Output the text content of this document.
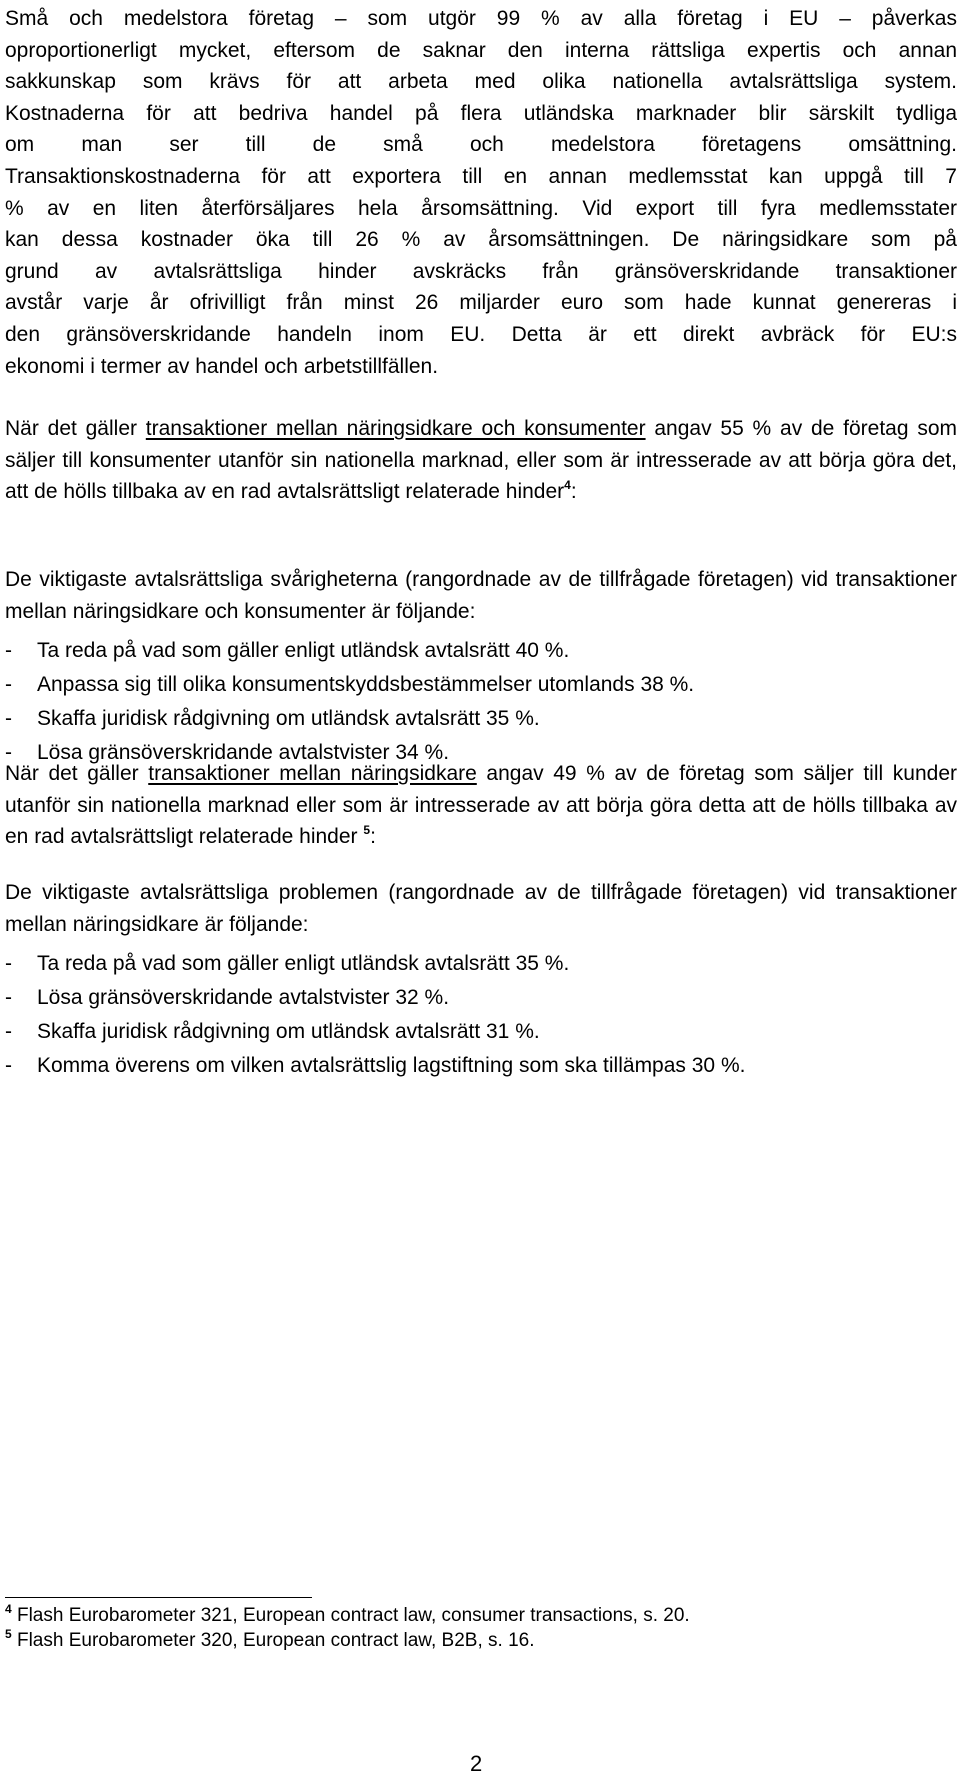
Små och medelstora företag – som utgör 99 % av alla företag i EU – påverkas
oproportionerligt mycket, eftersom de saknar den interna rättsliga expertis och annan
sakkunskap som krävs för att arbeta med olika nationella avtalsrättsliga system.
Kostnaderna för att bedriva handel på flera utländska marknader blir särskilt tydliga
om man ser till de små och medelstora företagens omsättning.
Transaktionskostnaderna för att exportera till en annan medlemsstat kan uppgå till 7
% av en liten återförsäljares hela årsomsättning. Vid export till fyra medlemsstater
kan dessa kostnader öka till 26 % av årsomsättningen. De näringsidkare som på
grund av avtalsrättsliga hinder avskräcks från gränsöverskridande transaktioner
avstår varje år ofrivilligt från minst 26 miljarder euro som hade kunnat genereras i
den gränsöverskridande handeln inom EU. Detta är ett direkt avbräck för EU:s
ekonomi i termer av handel och arbetstillfällen.

När det gäller transaktioner mellan näringsidkare och konsumenter angav 55 % av de företag som säljer till konsumenter utanför sin nationella marknad, eller som är intresserade av att börja göra det, att de hölls tillbaka av en rad avtalsrättsligt relaterade hinder$^4$:

De viktigaste avtalsrättsliga svårigheterna (rangordnade av de tillfrågade företagen) vid transaktioner mellan näringsidkare och konsumenter är följande:

- Ta reda på vad som gäller enligt utländsk avtalsrätt 40 %.
- Anpassa sig till olika konsumentskyddsbestämmelser utomlands 38 %.
- Skaffa juridisk rådgivning om utländsk avtalsrätt 35 %.
- Lösa gränsöverskridande avtalstvister 34 %.

När det gäller transaktioner mellan näringsidkare angav 49 % av de företag som säljer till kunder utanför sin nationella marknad eller som är intresserade av att börja göra detta att de hölls tillbaka av en rad avtalsrättsligt relaterade hinder $^5$:

De viktigaste avtalsrättsliga problemen (rangordnade av de tillfrågade företagen) vid transaktioner mellan näringsidkare är följande:

- Ta reda på vad som gäller enligt utländsk avtalsrätt 35 %.
- Lösa gränsöverskridande avtalstvister 32 %.
- Skaffa juridisk rådgivning om utländsk avtalsrätt 31 %.
- Komma överens om vilken avtalsrättslig lagstiftning som ska tillämpas 30 %.
$^4$ Flash Eurobarometer 321, European contract law, consumer transactions, s. 20.
$^5$ Flash Eurobarometer 320, European contract law, B2B, s. 16.
2
